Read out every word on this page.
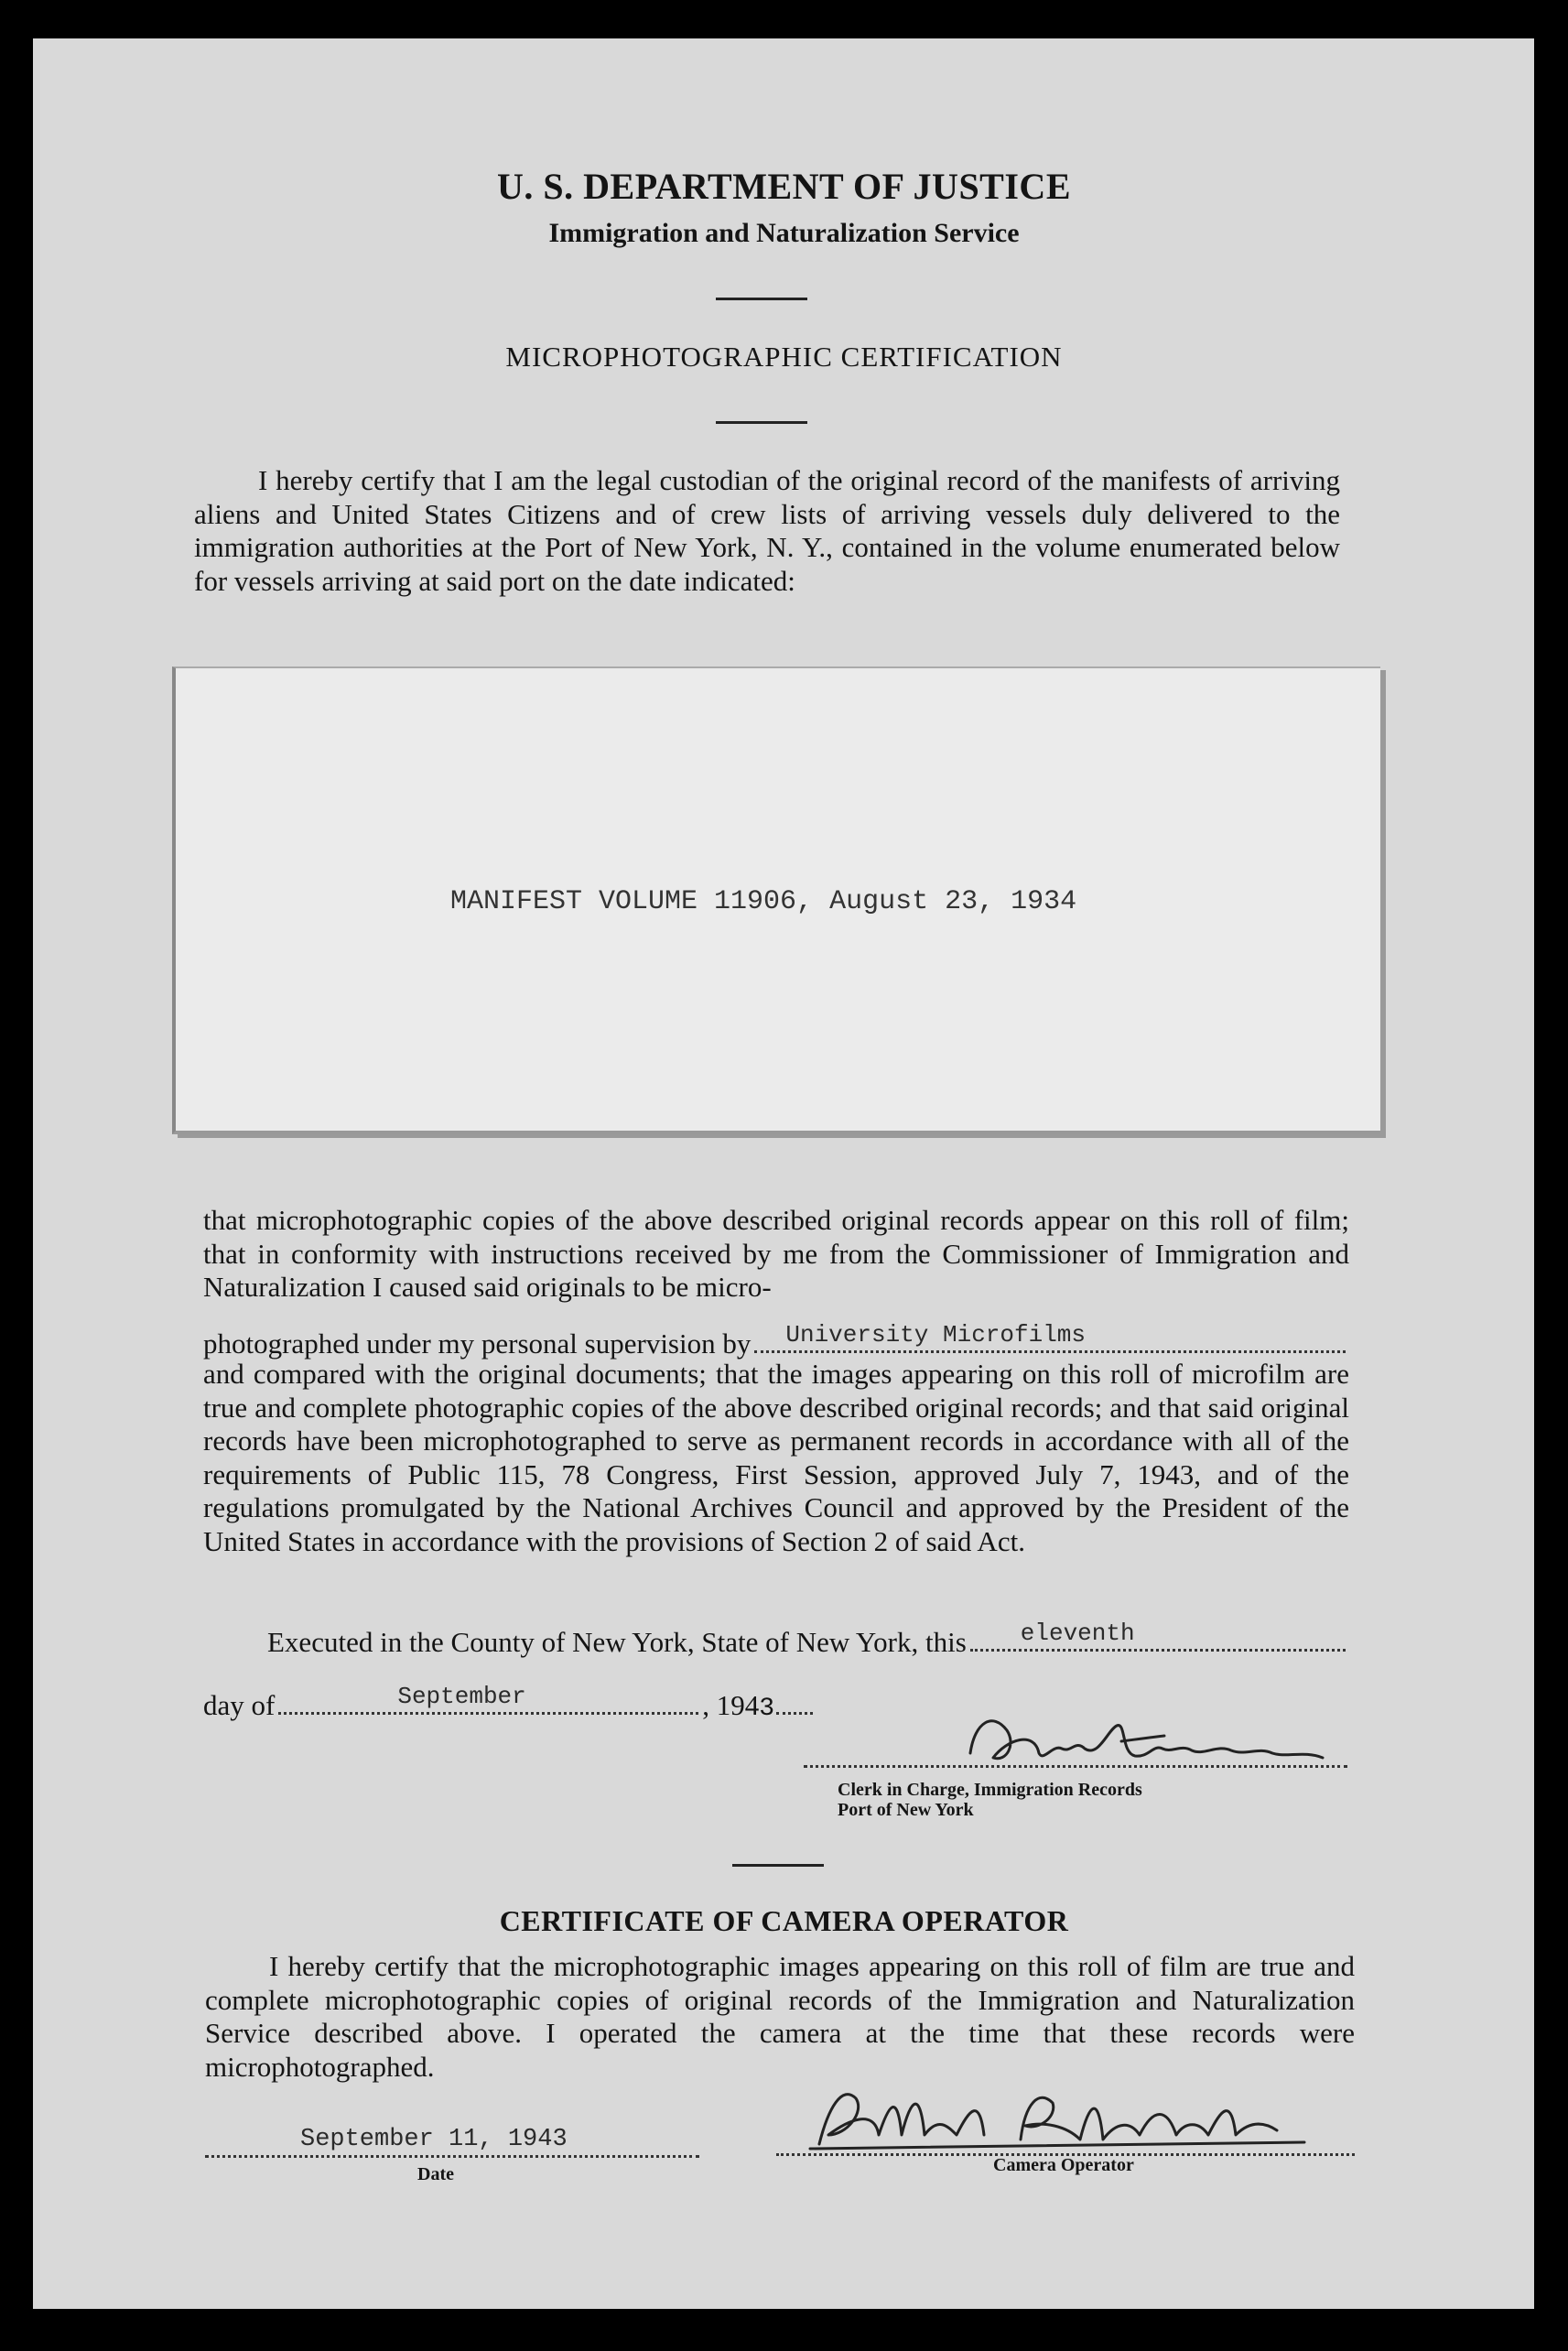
U. S. DEPARTMENT OF JUSTICE
Immigration and Naturalization Service
MICROPHOTOGRAPHIC CERTIFICATION
I hereby certify that I am the legal custodian of the original record of the manifests of arriving aliens and United States Citizens and of crew lists of arriving vessels duly delivered to the immigration authorities at the Port of New York, N. Y., contained in the volume enumerated below for vessels arriving at said port on the date indicated:
MANIFEST VOLUME 11906, August 23, 1934
that microphotographic copies of the above described original records appear on this roll of film; that in conformity with instructions received by me from the Commissioner of Immigration and Naturalization I caused said originals to be micro-
photographed under my personal supervision by University Microfilms
and compared with the original documents; that the images appearing on this roll of microfilm are true and complete photographic copies of the above described original records; and that said original records have been microphotographed to serve as permanent records in accordance with all of the requirements of Public 115, 78 Congress, First Session, approved July 7, 1943, and of the regulations promulgated by the National Archives Council and approved by the President of the United States in accordance with the provisions of Section 2 of said Act.
Executed in the County of New York, State of New York, this eleventh
day of	September	, 194 3
Clerk in Charge, Immigration Records
Port of New York
CERTIFICATE OF CAMERA OPERATOR
I hereby certify that the microphotographic images appearing on this roll of film are true and complete microphotographic copies of original records of the Immigration and Naturalization Service described above. I operated the camera at the time that these records were microphotographed.
September 11, 1943
Date	Camera Operator
